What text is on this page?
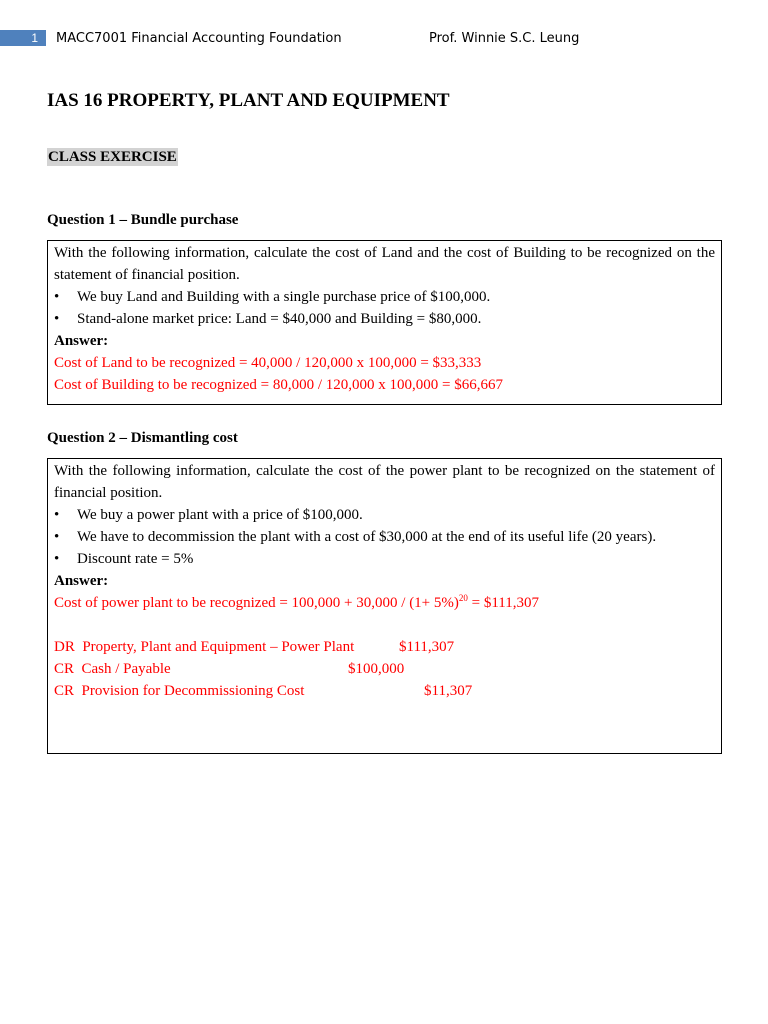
1	MACC7001 Financial Accounting Foundation	Prof. Winnie S.C. Leung
IAS 16 PROPERTY, PLANT AND EQUIPMENT
CLASS EXERCISE
Question 1 – Bundle purchase

With the following information, calculate the cost of Land and the cost of Building to be recognized on the statement of financial position.

• We buy Land and Building with a single purchase price of $100,000.
• Stand-alone market price: Land = $40,000 and Building = $80,000.

Answer:

Cost of Land to be recognized = 40,000 / 120,000 x 100,000 = $33,333

Cost of Building to be recognized = 80,000 / 120,000 x 100,000 = $66,667

Question 2 – Dismantling cost

With the following information, calculate the cost of the power plant to be recognized on the statement of financial position.

• We buy a power plant with a price of $100,000.
• We have to decommission the plant with a cost of $30,000 at the end of its useful life (20 years).
• Discount rate = 5%

Answer:

Cost of power plant to be recognized = $100,000 + 30,000 / (1+ 5\%)^{20}$ = $111,307

DR  Property, Plant and Equipment – Power Plant	$111,307
CR  Cash / Payable	$100,000
CR  Provision for Decommissioning Cost	$11,307
